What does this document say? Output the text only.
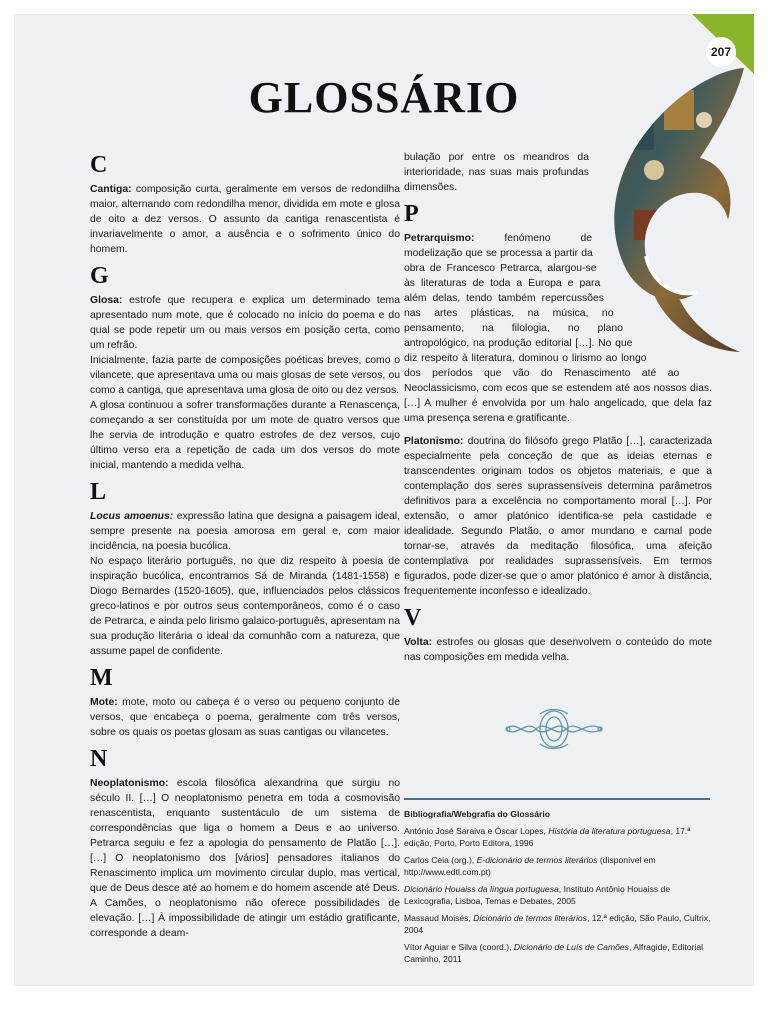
207
GLOSSÁRIO
C

Cantiga: composição curta, geralmente em versos de redondilha maior, alternando com redondilha menor, dividida em mote e glosa de oito a dez versos. O assunto da cantiga renascentista é invariavelmente o amor, a ausência e o sofrimento único do homem.

G

Glosa: estrofe que recupera e explica um determinado tema apresentado num mote, que é colocado no início do poema e do qual se pode repetir um ou mais versos em posição certa, como um refrão.

Inicialmente, fazia parte de composições poéticas breves, como o vilancete, que apresentava uma ou mais glosas de sete versos, ou como a cantiga, que apresentava uma glosa de oito ou dez versos.

A glosa continuou a sofrer transformações durante a Renascença, começando a ser constituída por um mote de quatro versos que lhe servia de introdução e quatro estrofes de dez versos, cujo último verso era a repetição de cada um dos versos do mote inicial, mantendo a medida velha.

L

Locus amoenus: expressão latina que designa a paisagem ideal, sempre presente na poesia amorosa em geral e, com maior incidência, na poesia bucólica.

No espaço literário português, no que diz respeito à poesia de inspiração bucólica, encontramos Sá de Miranda (1481-1558) e Diogo Bernardes (1520-1605), que, influenciados pelos clássicos greco-latinos e por outros seus contemporâneos, como é o caso de Petrarca, e ainda pelo lirismo galaico-português, apresentam na sua produção literária o ideal da comunhão com a natureza, que assume papel de confidente.

M

Mote: mote, moto ou cabeça é o verso ou pequeno conjunto de versos, que encabeça o poema, geralmente com três versos, sobre os quais os poetas glosam as suas cantigas ou vilancetes.

N

Neoplatonismo: escola filosófica alexandrina que surgiu no século II. […] O neoplatonismo penetra em toda a cosmovisão renascentista, enquanto sustentáculo de um sistema de correspondências que liga o homem a Deus e ao universo. Petrarca seguiu e fez a apologia do pensamento de Platão […]. […] O neoplatonismo dos [vários] pensadores italianos do Renascimento implica um movimento circular duplo, mas vertical, que de Deus desce até ao homem e do homem ascende até Deus. A Camões, o neoplatonismo não oferece possibilidades de elevação. […] À impossibilidade de atingir um estádio gratificante, corresponde a deam-

bulação por entre os meandros da interioridade, nas suas mais profundas dimensões.

P

Petrarquismo: fenómeno de modelização que se processa a partir da obra de Francesco Petrarca, alargou-se às literaturas de toda a Europa e para além delas, tendo também repercussões nas artes plásticas, na música, no pensamento, na filologia, no plano antropológico, na produção editorial […]. No que diz respeito à literatura, dominou o lirismo ao longo dos períodos que vão do Renascimento até ao Neoclassicismo, com ecos que se estendem até aos nossos dias. […] A mulher é envolvida por um halo angelicado, que dela faz uma presença serena e gratificante.

Platonismo: doutrina do filósofo grego Platão […], caracterizada especialmente pela conceção de que as ideias eternas e transcendentes originam todos os objetos materiais, e que a contemplação dos seres suprassensíveis determina parâmetros definitivos para a excelência no comportamento moral […]. Por extensão, o amor platónico identifica-se pela castidade e idealidade. Segundo Platão, o amor mundano e carnal pode tornar-se, através da meditação filosófica, uma afeição contemplativa por realidades suprassensíveis. Em termos figurados, pode dizer-se que o amor platónico é amor à distância, frequentemente inconfesso e idealizado.

V

Volta: estrofes ou glosas que desenvolvem o conteúdo do mote nas composições em medida velha.

Bibliografia/Webgrafia do Glossário

António José Saraiva e Óscar Lopes, História da literatura portuguesa, 17.ª edição, Porto, Porto Editora, 1996

Carlos Ceia (org.), E-dicionário de termos literários (disponível em http://www.edtl.com.pt)

Dicionário Houaiss da língua portuguesa, Instituto Antônio Houaiss de Lexicografia, Lisboa, Temas e Debates, 2005

Massaud Moisés, Dicionário de termos literários, 12.ª edição, São Paulo, Cultrix, 2004

Vítor Aguiar e Silva (coord.), Dicionário de Luís de Camões, Alfragide, Editorial Caminho, 2011
